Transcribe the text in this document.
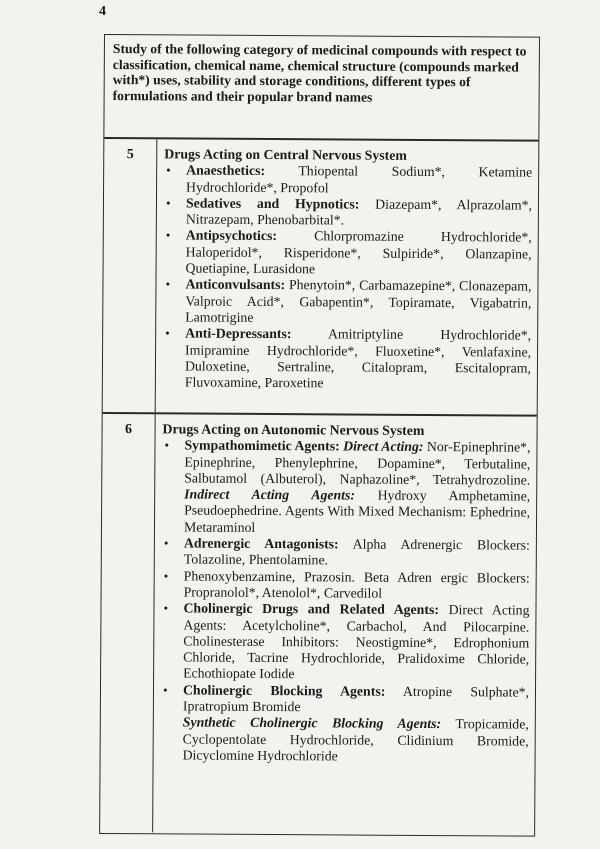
4
Study of the following category of medicinal compounds with respect to classification, chemical name, chemical structure (compounds marked with*) uses, stability and storage conditions, different types of formulations and their popular brand names
5	Drugs Acting on Central Nervous System

• Anaesthetics: Thiopental Sodium*, Ketamine Hydrochloride*, Propofol
• Sedatives and Hypnotics: Diazepam*, Alprazolam*, Nitrazepam, Phenobarbital*.
• Antipsychotics:	Chlorpromazine Hydrochloride*, Haloperidol*, Risperidone*, Sulpiride*, Olanzapine, Quetiapine, Lurasidone
• Anticonvulsants: Phenytoin*, Carbamazepine*, Clonazepam, Valproic Acid*, Gabapentin*, Topiramate, Vigabatrin, Lamotrigine
• Anti-Depressants:	Amitriptyline Hydrochloride*, Imipramine Hydrochloride*, Fluoxetine*, Venlafaxine, Duloxetine, Sertraline, Citalopram, Escitalopram, Fluvoxamine, Paroxetine
6	Drugs Acting on Autonomic Nervous System

• Sympathomimetic Agents: Direct Acting: Nor-Epinephrine*, Epinephrine, Phenylephrine, Dopamine*, Terbutaline, Salbutamol (Albuterol), Naphazoline*, Tetrahydrozoline. Indirect Acting Agents: Hydroxy Amphetamine, Pseudoephedrine. Agents With Mixed Mechanism: Ephedrine, Metaraminol
• Adrenergic Antagonists: Alpha Adrenergic Blockers: Tolazoline, Phentolamine.
• Phenoxybenzamine, Prazosin. Beta Adren ergic Blockers: Propranolol*, Atenolol*, Carvedilol
• Cholinergic Drugs and Related Agents: Direct Acting Agents: Acetylcholine*, Carbachol, And Pilocarpine. Cholinesterase Inhibitors: Neostigmine*, Edrophonium Chloride, Tacrine Hydrochloride, Pralidoxime Chloride, Echothiopate Iodide
• Cholinergic Blocking Agents: Atropine Sulphate*, Ipratropium Bromide
Synthetic Cholinergic Blocking Agents: Tropicamide, Cyclopentolate Hydrochloride, Clidinium Bromide, Dicyclomine Hydrochloride
